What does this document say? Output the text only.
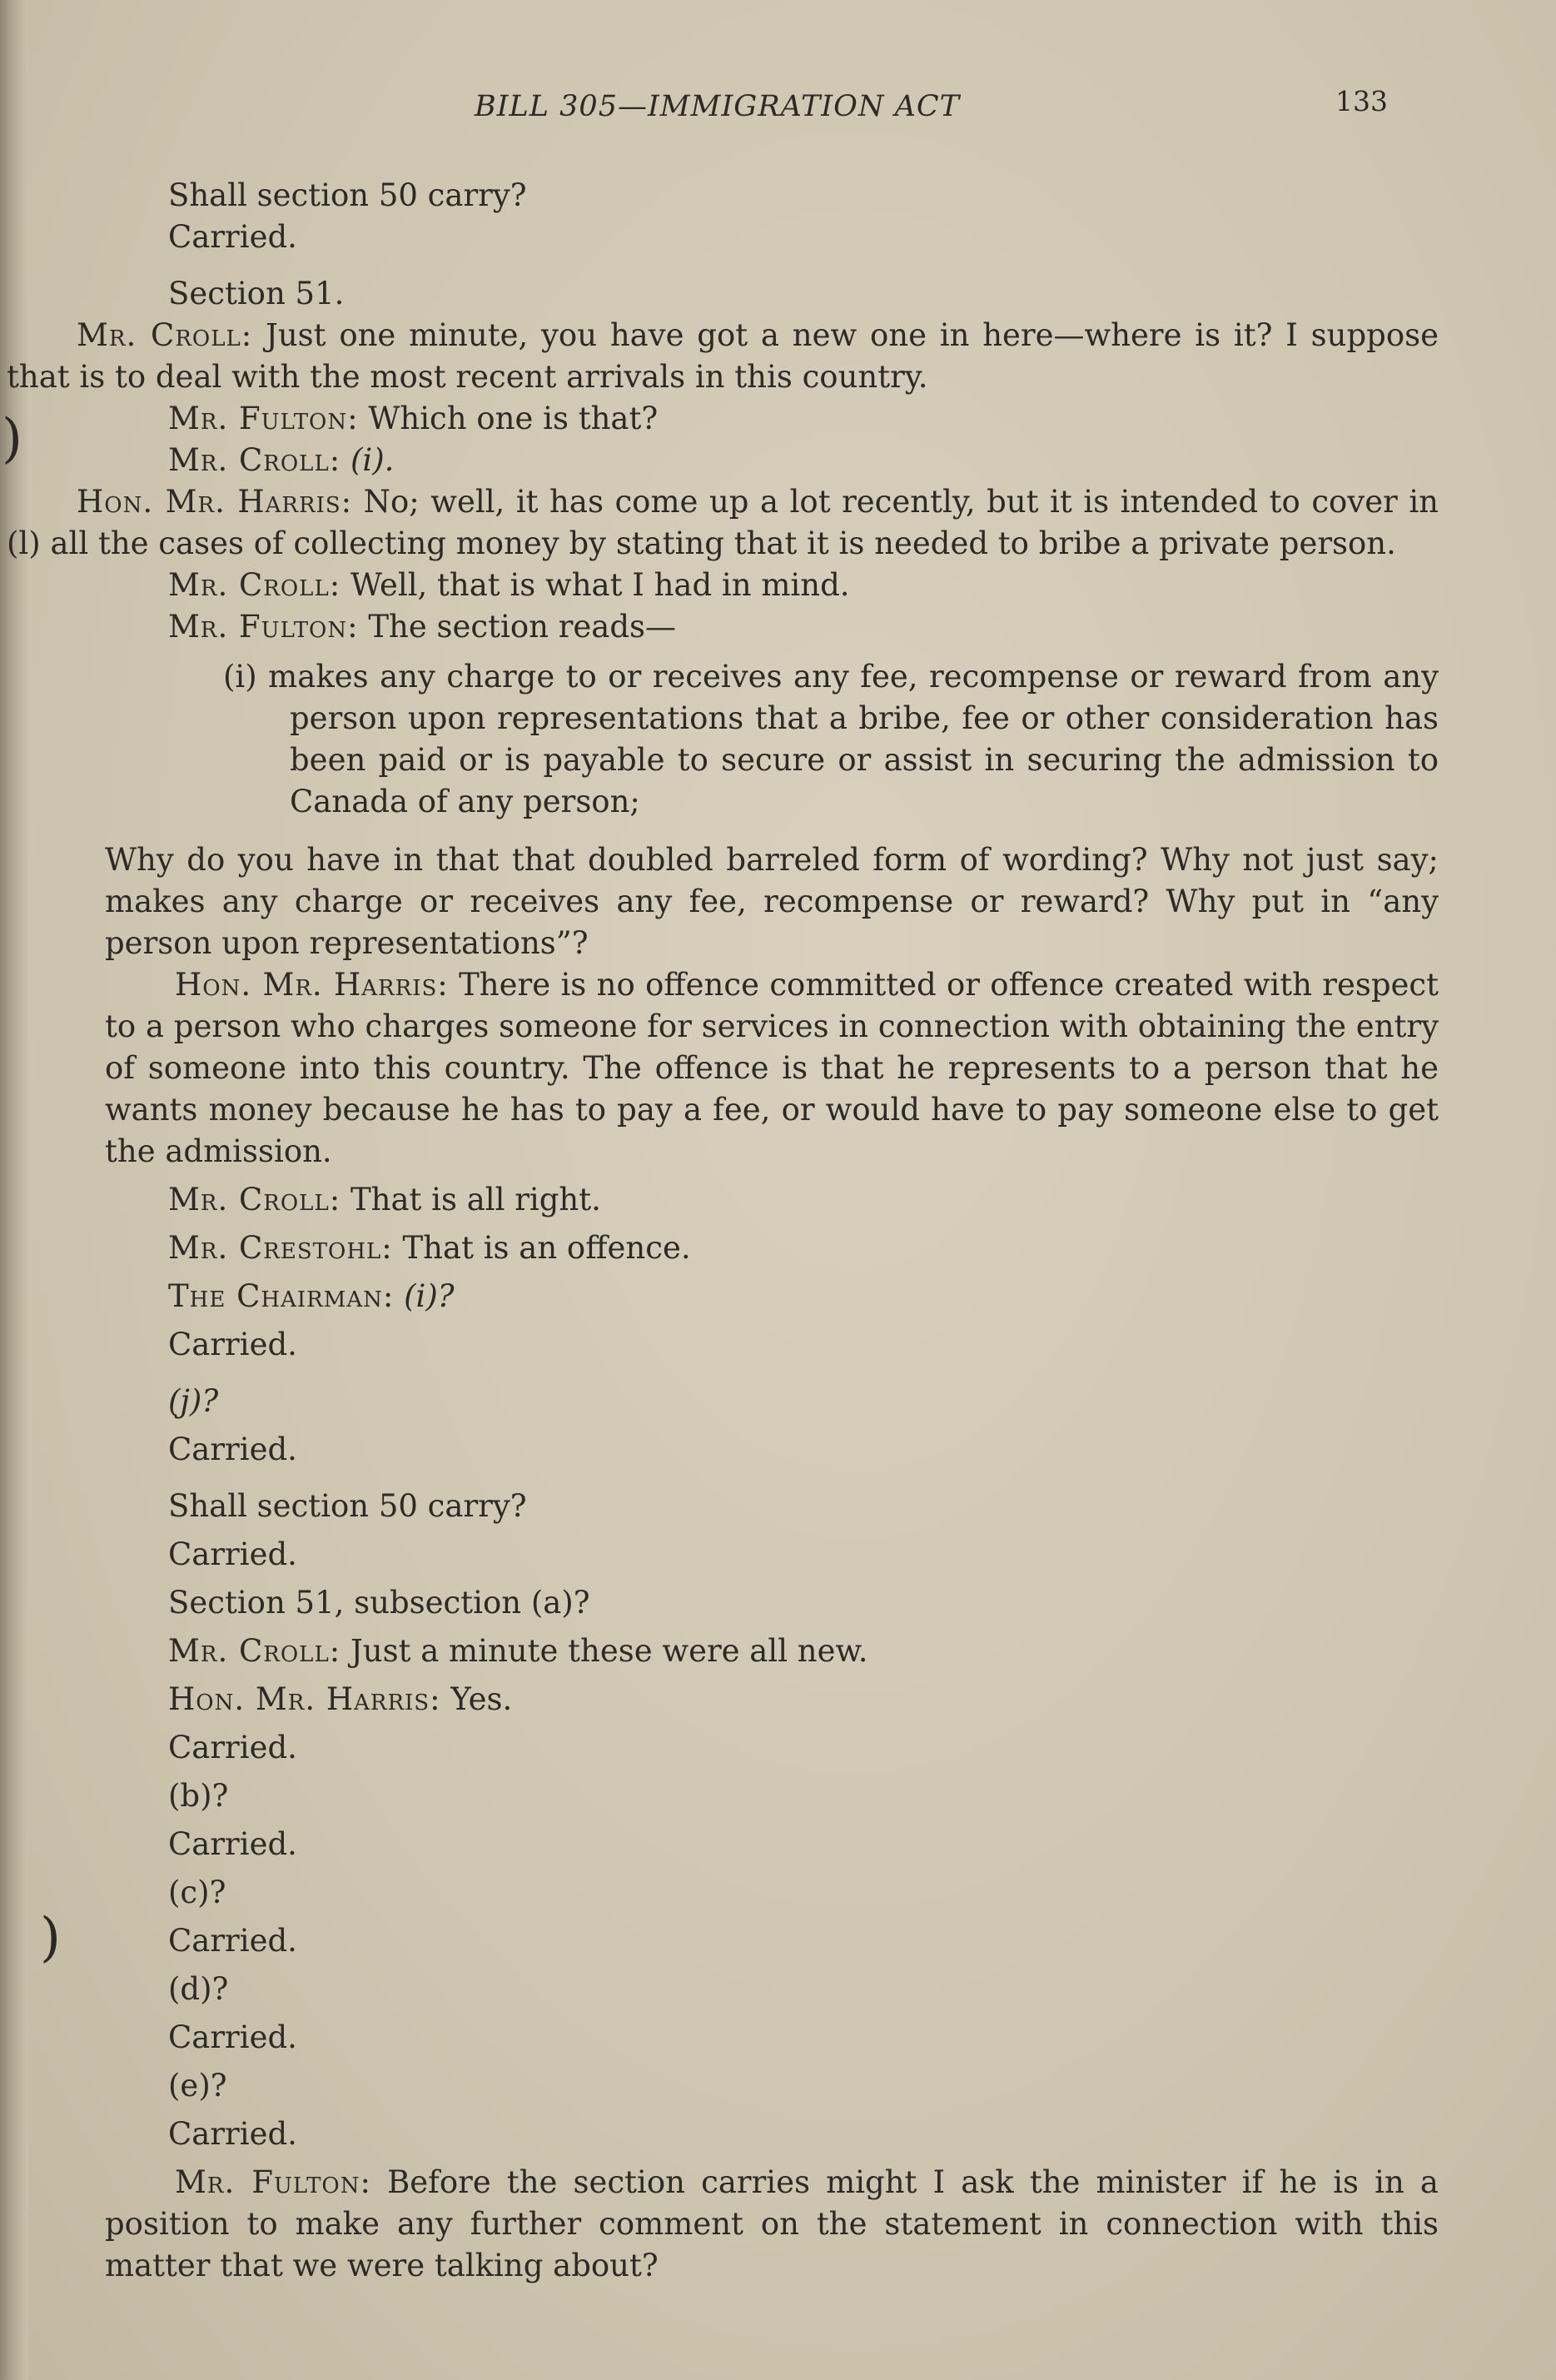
)
)
BILL 305—IMMIGRATION ACT	133

Shall section 50 carry?

Carried.

Section 51.

Mr. Croll: Just one minute, you have got a new one in here—where is it? I suppose that is to deal with the most recent arrivals in this country.

Mr. Fulton: Which one is that?

Mr. Croll: (i).

Hon. Mr. Harris: No; well, it has come up a lot recently, but it is intended to cover in (l) all the cases of collecting money by stating that it is needed to bribe a private person.

Mr. Croll: Well, that is what I had in mind.

Mr. Fulton: The section reads—

(i) makes any charge to or receives any fee, recompense or reward from any person upon representations that a bribe, fee or other consideration has been paid or is payable to secure or assist in securing the admission to Canada of any person;

Why do you have in that that doubled barreled form of wording? Why not just say; makes any charge or receives any fee, recompense or reward? Why put in “any person upon representations”?

Hon. Mr. Harris: There is no offence committed or offence created with respect to a person who charges someone for services in connection with obtaining the entry of someone into this country. The offence is that he represents to a person that he wants money because he has to pay a fee, or would have to pay someone else to get the admission.

Mr. Croll: That is all right.

Mr. Crestohl: That is an offence.

The Chairman: (i)?

Carried.

(j)?

Carried.

Shall section 50 carry?

Carried.

Section 51, subsection (a)?

Mr. Croll: Just a minute these were all new.

Hon. Mr. Harris: Yes.

Carried.

(b)?

Carried.

(c)?

Carried.

(d)?

Carried.

(e)?

Carried.

Mr. Fulton: Before the section carries might I ask the minister if he is in a position to make any further comment on the statement in connection with this matter that we were talking about?
